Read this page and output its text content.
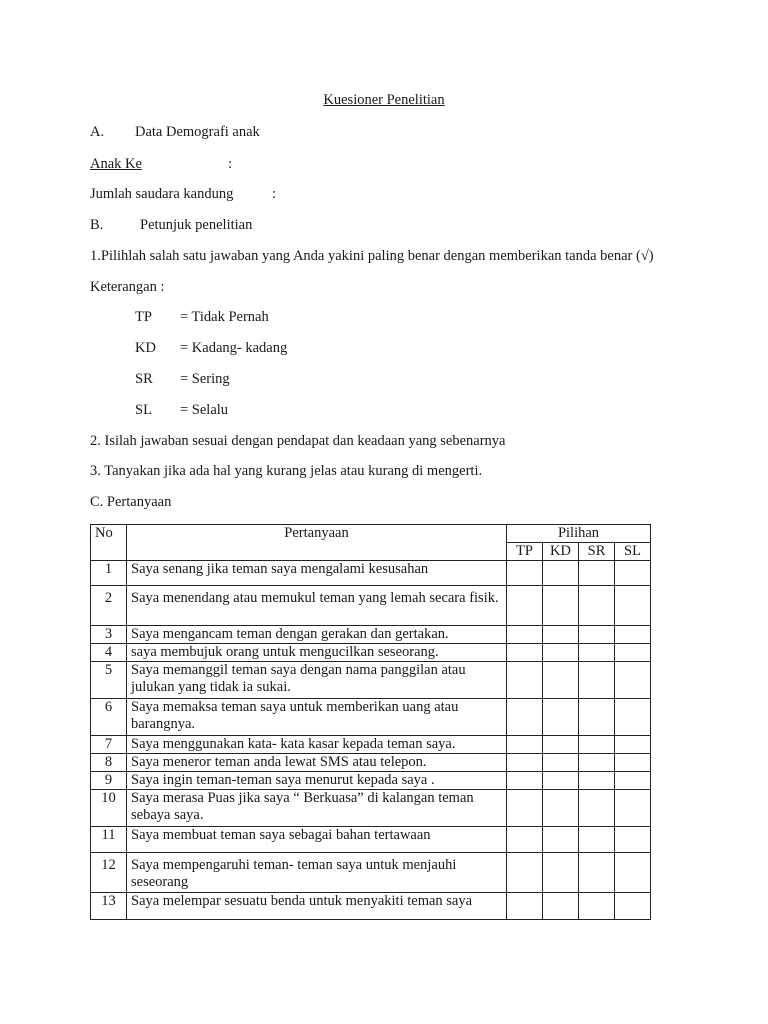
Kuesioner Penelitian
A. Data Demografi anak
Anak Ke	:
Jumlah saudara kandung	:
B.	Petunjuk penelitian
1.Pilihlah salah satu jawaban yang Anda yakini paling benar dengan memberikan tanda benar (√)
Keterangan :
TP = Tidak Pernah
KD = Kadang- kadang
SR = Sering
SL = Selalu
2. Isilah jawaban sesuai dengan pendapat dan keadaan yang sebenarnya
3. Tanyakan jika ada hal yang kurang jelas atau kurang di mengerti.
C. Pertanyaan
No	Pertanyaan	Pilihan			
		TP	KD	SR	SL
1	Saya senang jika teman saya mengalami kesusahan				
2	Saya menendang atau memukul teman yang lemah secara fisik.				
3	Saya mengancam teman dengan gerakan dan gertakan.				
4	saya membujuk orang untuk mengucilkan seseorang.				
5	Saya memanggil teman saya dengan nama panggilan atau julukan yang tidak ia sukai.				
6	Saya memaksa teman saya untuk memberikan uang atau barangnya.				
7	Saya menggunakan kata- kata kasar kepada teman saya.				
8	Saya meneror teman anda lewat SMS atau telepon.				
9	Saya ingin teman-teman saya menurut kepada saya .				
10	Saya merasa Puas jika saya “ Berkuasa” di kalangan teman sebaya saya.				
11	Saya membuat teman saya sebagai bahan tertawaan				
12	Saya mempengaruhi teman- teman saya untuk menjauhi seseorang				
13	Saya melempar sesuatu benda untuk menyakiti teman saya				
